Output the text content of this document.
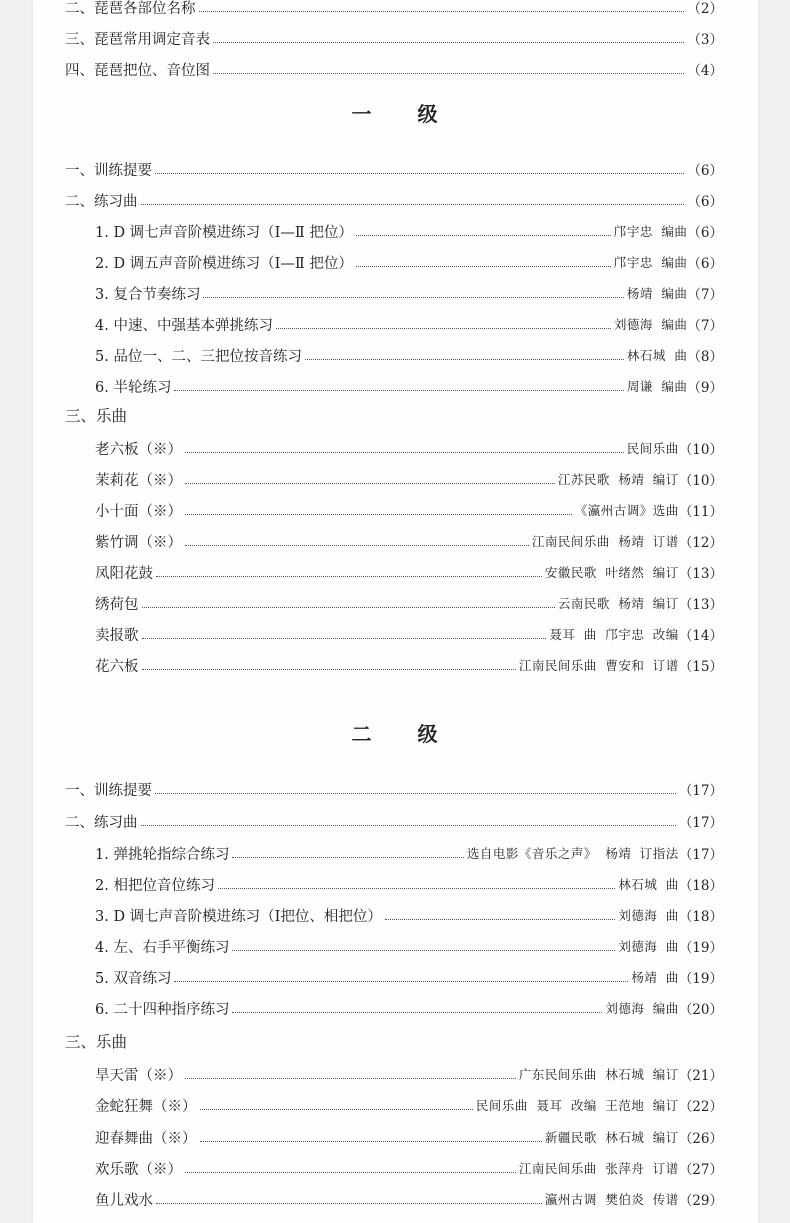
二、琵琶各部位名称	（2）
三、琵琶常用调定音表	（3）
四、琵琶把位、音位图	（4）
一 级
一、训练提要	（6）
二、练习曲	（6）
1. D 调七声音阶模进练习（Ⅰ—Ⅱ 把位）	邝宇忠 编曲 （6）
2. D 调五声音阶模进练习（Ⅰ—Ⅱ 把位）	邝宇忠 编曲 （6）
3. 复合节奏练习	杨靖 编曲 （7）
4. 中速、中强基本弹挑练习	刘德海 编曲 （7）
5. 品位一、二、三把位按音练习	林石城 曲 （8）
6. 半轮练习	周谦 编曲 （9）
三、乐曲
老六板（※）	民间乐曲 （10）
茉莉花（※）	江苏民歌 杨靖 编订 （10）
小十面（※）	《瀛州古调》选曲 （11）
紫竹调（※）	江南民间乐曲 杨靖 订谱 （12）
凤阳花鼓	安徽民歌 叶绪然 编订 （13）
绣荷包	云南民歌 杨靖 编订 （13）
卖报歌	聂耳 曲 邝宇忠 改编 （14）
花六板	江南民间乐曲 曹安和 订谱 （15）
二 级
一、训练提要	（17）
二、练习曲	（17）
1. 弹挑轮指综合练习	选自电影《音乐之声》 杨靖 订指法 （17）
2. 相把位音位练习	林石城 曲 （18）
3. D 调七声音阶模进练习（Ⅰ把位、相把位）	刘德海 曲 （18）
4. 左、右手平衡练习	刘德海 曲 （19）
5. 双音练习	杨靖 曲 （19）
6. 二十四种指序练习	刘德海 编曲 （20）
三、乐曲
旱天雷（※）	广东民间乐曲 林石城 编订 （21）
金蛇狂舞（※）	民间乐曲 聂耳 改编 王范地 编订 （22）
迎春舞曲（※）	新疆民歌 林石城 编订 （26）
欢乐歌（※）	江南民间乐曲 张萍舟 订谱 （27）
鱼儿戏水	瀛州古调 樊伯炎 传谱 （29）
